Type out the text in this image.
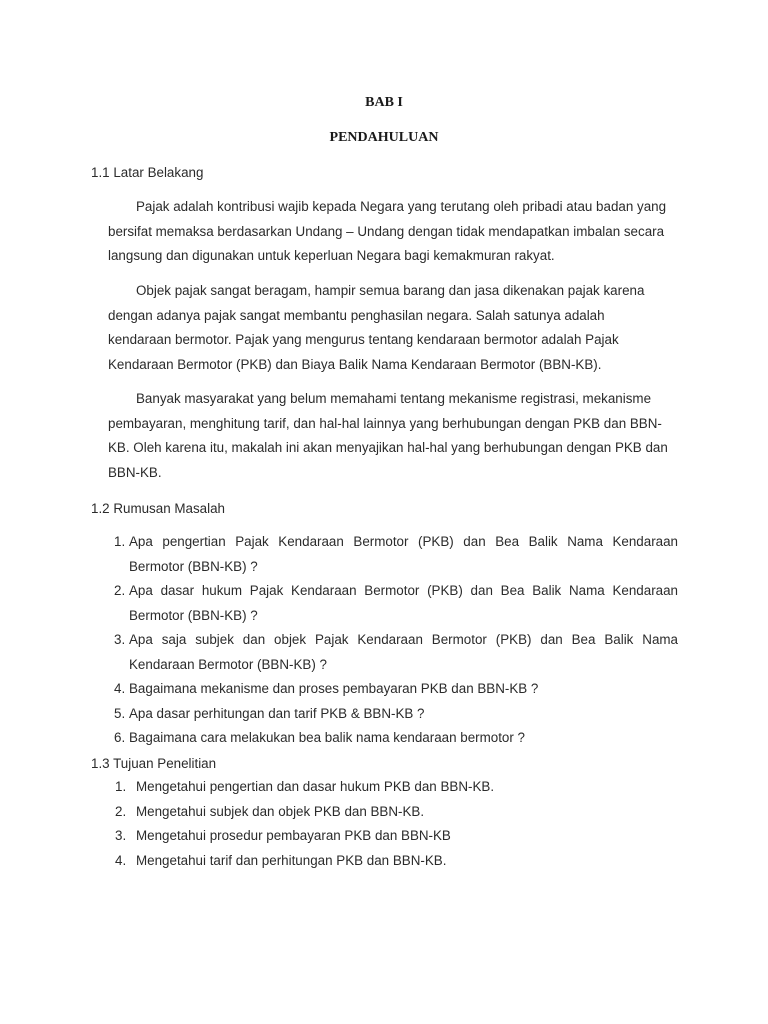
BAB I
PENDAHULUAN
1.1 Latar Belakang

Pajak adalah kontribusi wajib kepada Negara yang terutang oleh pribadi atau badan yang bersifat memaksa berdasarkan Undang – Undang dengan tidak mendapatkan imbalan secara langsung dan digunakan untuk keperluan Negara bagi kemakmuran rakyat.

Objek pajak sangat beragam, hampir semua barang dan jasa dikenakan pajak karena dengan adanya pajak sangat membantu penghasilan negara. Salah satunya adalah kendaraan bermotor. Pajak yang mengurus tentang kendaraan bermotor adalah Pajak Kendaraan Bermotor (PKB) dan Biaya Balik Nama Kendaraan Bermotor (BBN-KB).

Banyak masyarakat yang belum memahami tentang mekanisme registrasi, mekanisme pembayaran, menghitung tarif, dan hal-hal lainnya yang berhubungan dengan PKB dan BBN-KB. Oleh karena itu, makalah ini akan menyajikan hal-hal yang berhubungan dengan PKB dan BBN-KB.

1.2 Rumusan Masalah
1. Apa pengertian Pajak Kendaraan Bermotor (PKB) dan Bea Balik Nama Kendaraan Bermotor (BBN-KB) ?
2. Apa dasar hukum Pajak Kendaraan Bermotor (PKB) dan Bea Balik Nama Kendaraan Bermotor (BBN-KB) ?
3. Apa saja subjek dan objek Pajak Kendaraan Bermotor (PKB) dan Bea Balik Nama Kendaraan Bermotor (BBN-KB) ?
4. Bagaimana mekanisme dan proses pembayaran PKB dan BBN-KB ?
5. Apa dasar perhitungan dan tarif PKB & BBN-KB ?
6. Bagaimana cara melakukan bea balik nama kendaraan bermotor ?
1.3 Tujuan Penelitian
1. Mengetahui pengertian dan dasar hukum PKB dan BBN-KB.
2. Mengetahui subjek dan objek PKB dan BBN-KB.
3. Mengetahui prosedur pembayaran PKB dan BBN-KB
4. Mengetahui tarif dan perhitungan PKB dan BBN-KB.
